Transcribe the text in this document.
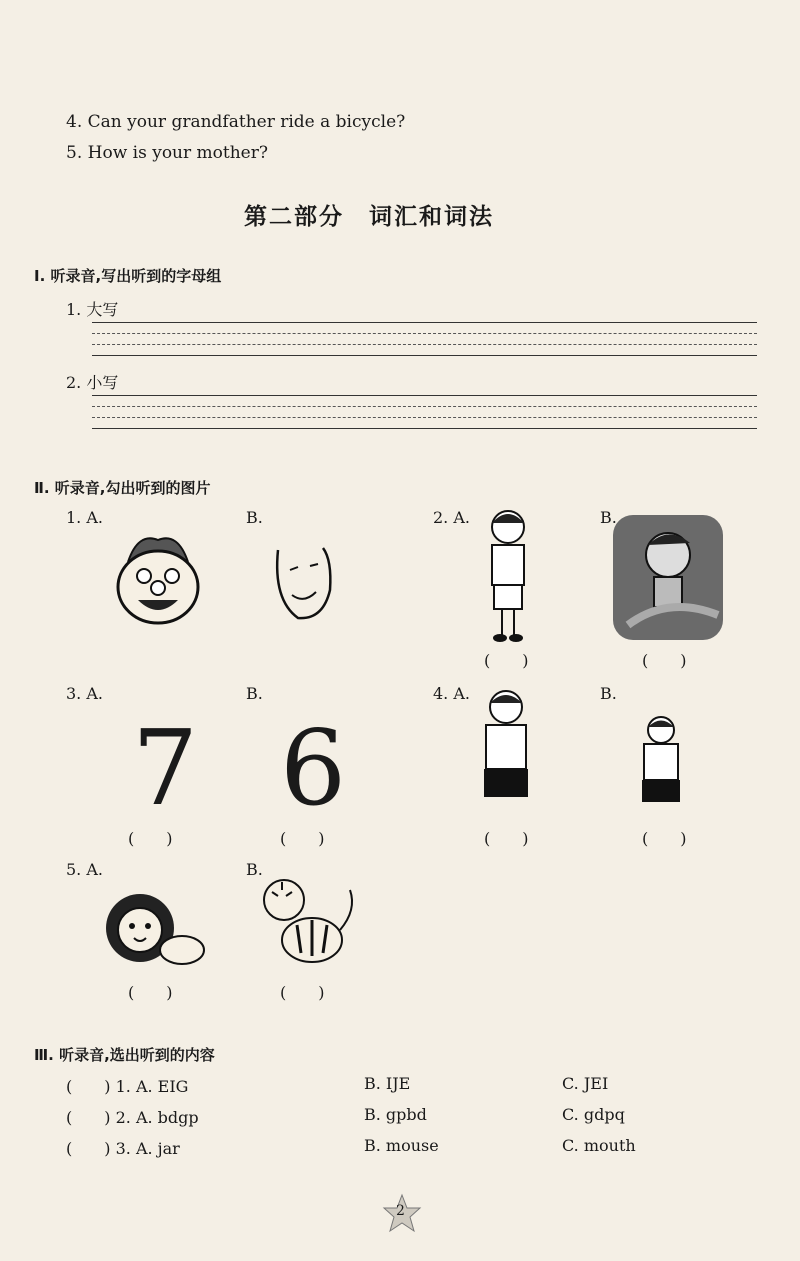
4. Can your grandfather ride a bicycle?
5. How is your mother?
第二部分　词汇和词法
Ⅰ. 听录音,写出听到的字母组
1. 大写
2. 小写
Ⅱ. 听录音,勾出听到的图片
1. A.	B.	2. A.	B.
(　　)	(　　)
3. A.	B.
7 6
(　　)	(　　)
4. A.	B.
(　　)	(　　)
5. A.	B.
(　　)	(　　)
Ⅲ. 听录音,选出听到的内容
(　　) 1. A. EIG	B. IJE	C. JEI
(　　) 2. A. bdgp	B. gpbd	C. gdpq
(　　) 3. A. jar	B. mouse	C. mouth
2
